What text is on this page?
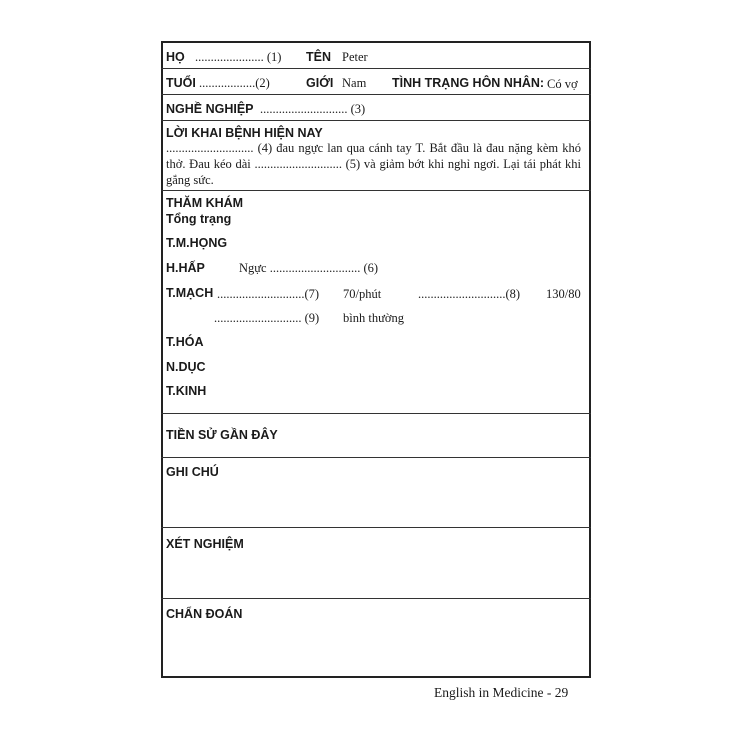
HỌ ...................... (1) TÊN Peter
TUỔI ..................(2)	GIỚI Nam TÌNH TRẠNG HÔN NHÂN: Có vợ
NGHỀ NGHIỆP ............................ (3)
LỜI KHAI BỆNH HIỆN NAY
............................ (4) đau ngực lan qua cánh tay T. Bắt đầu là đau nặng kèm khó thở. Đau kéo dài ............................ (5) và giảm bớt khi nghỉ ngơi. Lại tái phát khi gắng sức.
THĂM KHÁM
Tổng trạng
T.M.HỌNG
H.HẤP	Ngực ............................. (6)
T.MẠCH ............................(7) 70/phút	............................(8) 130/80
............................ (9) bình thường
T.HÓA
N.DỤC
T.KINH
TIỀN SỬ GẦN ĐÂY
GHI CHÚ
XÉT NGHIỆM
CHẨN ĐOÁN
English in Medicine - 29
